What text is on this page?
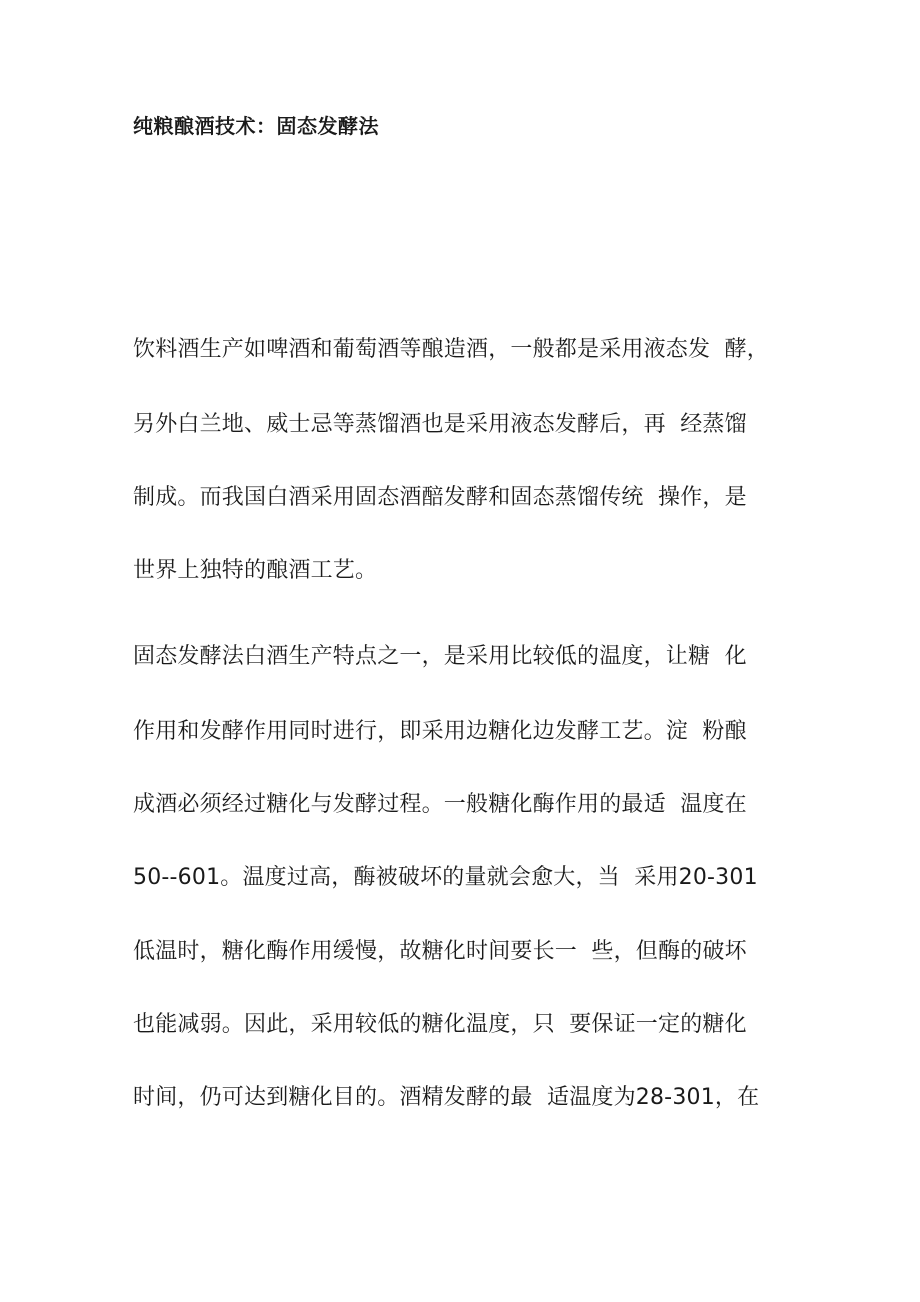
纯粮酿酒技术：固态发酵法
饮料酒生产如啤酒和葡萄酒等酿造酒，一般都是采用液态发  酵，
另外白兰地、威士忌等蒸馏酒也是采用液态发酵后，再  经蒸馏
制成。而我国白酒采用固态酒醅发酵和固态蒸馏传统  操作，是
世界上独特的酿酒工艺。
固态发酵法白酒生产特点之一，是采用比较低的温度，让糖  化
作用和发酵作用同时进行，即采用边糖化边发酵工艺。淀  粉酿
成酒必须经过糖化与发酵过程。一般糖化酶作用的最适  温度在
50--601。温度过高，酶被破坏的量就会愈大，当  采用20-301
低温时，糖化酶作用缓慢，故糖化时间要长一  些，但酶的破坏
也能减弱。因此，采用较低的糖化温度，只  要保证一定的糖化
时间，仍可达到糖化目的。酒精发酵的最  适温度为28-301，在
